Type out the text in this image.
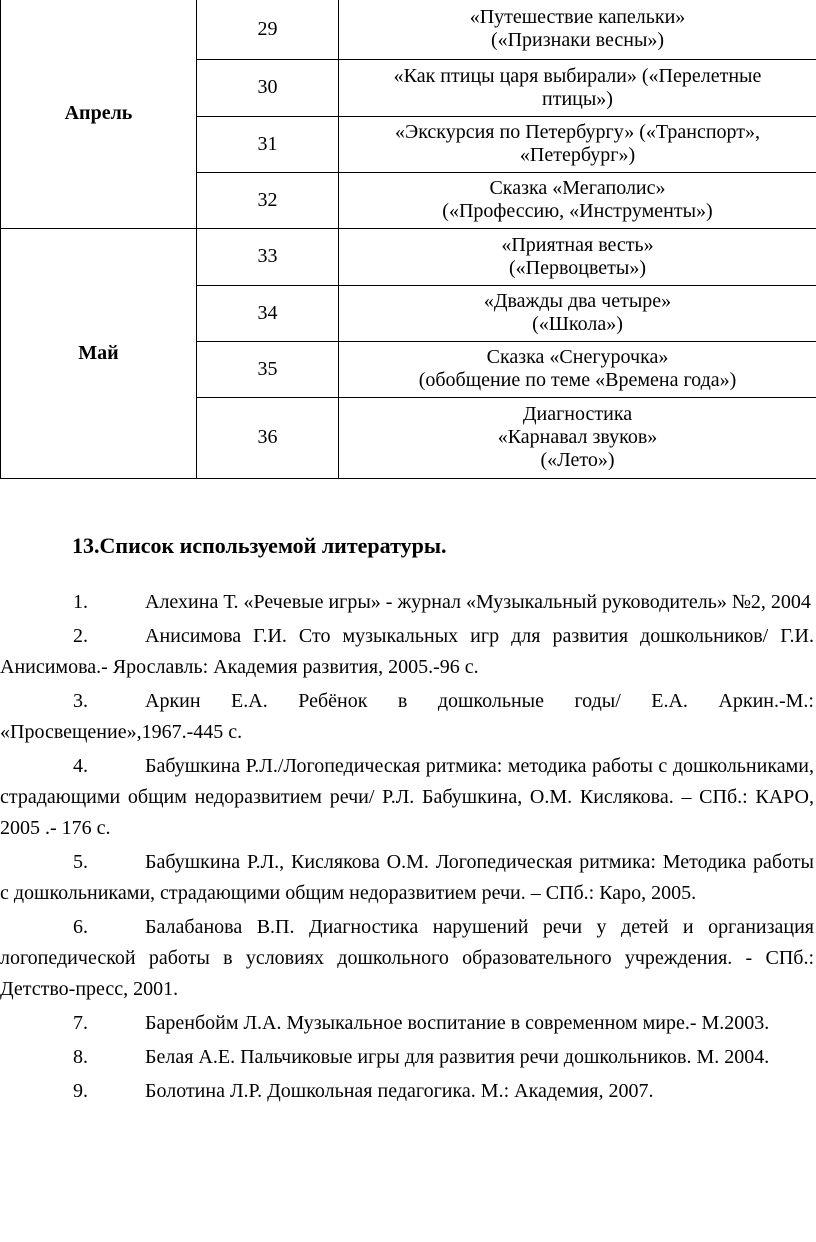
Апрель	29	«Путешествие капельки»
(«Признаки весны»)

	30	«Как птицы царя выбирали» («Перелетные
птицы»)

	31	«Экскурсия по Петербургу» («Транспорт»,
«Петербург»)

	32	Сказка «Мегаполис»
(«Профессию, «Инструменты»)

Май	33	«Приятная весть»
(«Первоцветы»)

	34	«Дважды два четыре»
(«Школа»)

	35	Сказка «Снегурочка»
(обобщение по теме «Времена года»)

	36	Диагностика
«Карнавал звуков»
(«Лето»)
13.Список используемой литературы.
1.	Алехина Т. «Речевые игры» - журнал «Музыкальный руководитель» №2, 2004
2.	Анисимова Г.И. Сто музыкальных игр для развития дошкольников/ Г.И. Анисимова.- Ярославль: Академия развития, 2005.-96 с.
3.	Аркин Е.А. Ребёнок в дошкольные годы/ Е.А. Аркин.-М.: «Просвещение»,1967.-445 с.
4.	Бабушкина Р.Л./Логопедическая ритмика: методика работы с дошкольниками, страдающими общим недоразвитием речи/ Р.Л. Бабушкина, О.М. Кислякова. – СПб.: КАРО, 2005 .- 176 с.
5.	Бабушкина Р.Л., Кислякова О.М. Логопедическая ритмика: Методика работы с дошкольниками, страдающими общим недоразвитием речи. – СПб.: Каро, 2005.
6.	Балабанова В.П. Диагностика нарушений речи у детей и организация логопедической работы в условиях дошкольного образовательного учреждения. - СПб.: Детство-пресс, 2001.
7.	Баренбойм Л.А. Музыкальное воспитание в современном мире.- М.2003.
8.	Белая А.Е. Пальчиковые игры для развития речи дошкольников. М. 2004.
9.	Болотина Л.Р. Дошкольная педагогика. М.: Академия, 2007.
